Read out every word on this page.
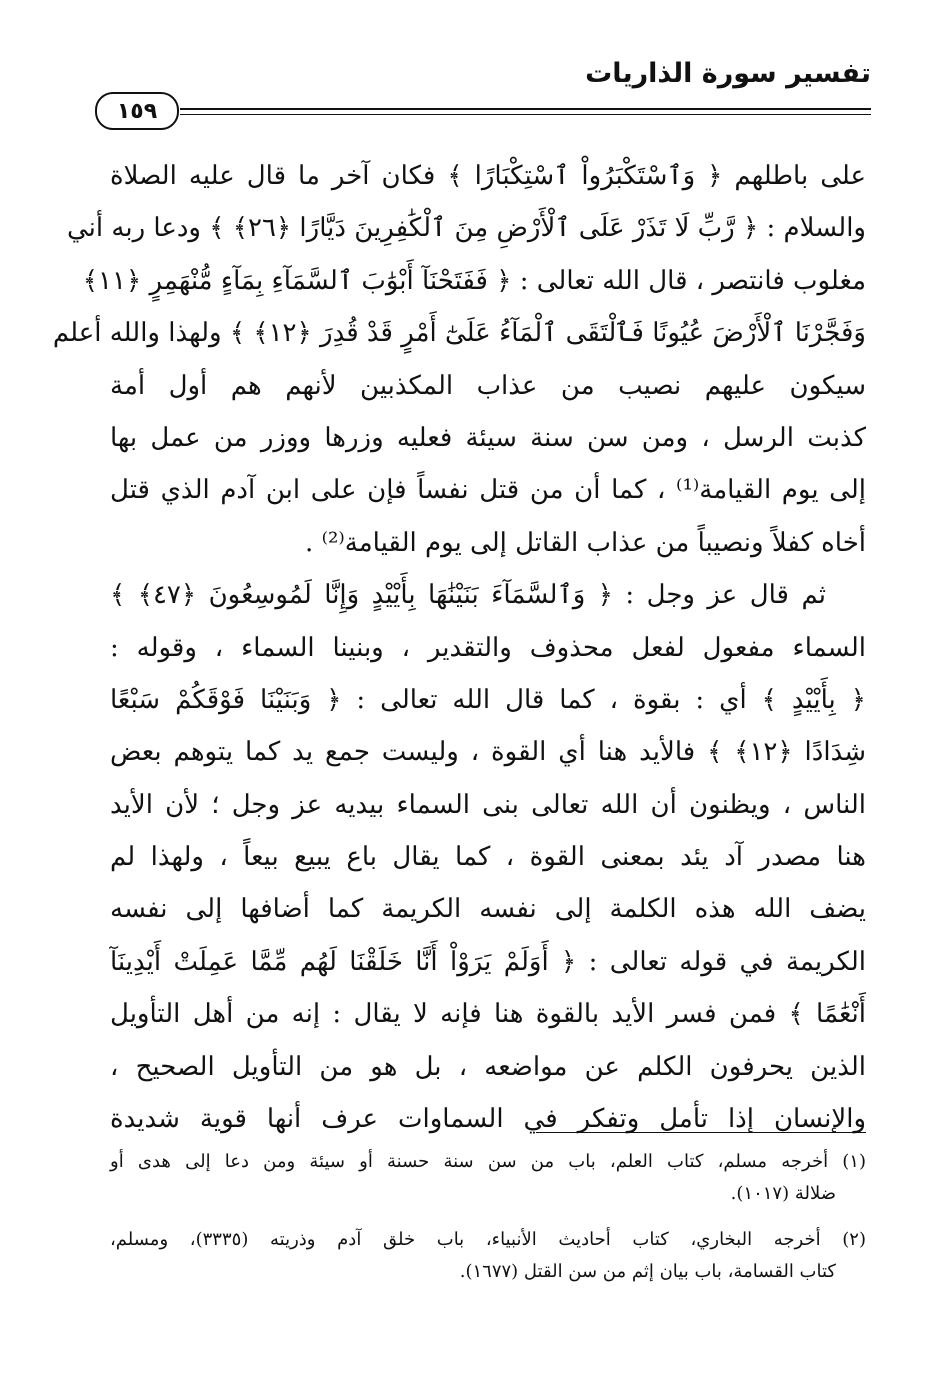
تفسير سورة الذاريات
١٥٩
على باطلهم ﴿ وَٱسْتَكْبَرُواْ ٱسْتِكْبَارًا ﴾ فكان آخر ما قال عليه الصلاة
والسلام : ﴿ رَّبِّ لَا تَذَرْ عَلَى ٱلْأَرْضِ مِنَ ٱلْكَٰفِرِينَ دَيَّارًا ﴿٢٦﴾ ﴾ ودعا ربه أني
مغلوب فانتصر ، قال الله تعالى : ﴿ فَفَتَحْنَآ أَبْوَٰبَ ٱلسَّمَآءِ بِمَآءٍ مُّنْهَمِرٍ ﴿١١﴾
وَفَجَّرْنَا ٱلْأَرْضَ عُيُونًا فَٱلْتَقَى ٱلْمَآءُ عَلَىٰٓ أَمْرٍ قَدْ قُدِرَ ﴿١٢﴾ ﴾ ولهذا والله أعلم
سيكون عليهم نصيب من عذاب المكذبين لأنهم هم أول أمة
كذبت الرسل ، ومن سن سنة سيئة فعليه وزرها ووزر من عمل بها
إلى يوم القيامة⁽¹⁾ ، كما أن من قتل نفساً فإن على ابن آدم الذي قتل
أخاه كفلاً ونصيباً من عذاب القاتل إلى يوم القيامة⁽²⁾ .
ثم قال عز وجل : ﴿ وَٱلسَّمَآءَ بَنَيْنَٰهَا بِأَيْيْدٍ وَإِنَّا لَمُوسِعُونَ ﴿٤٧﴾ ﴾
السماء مفعول لفعل محذوف والتقدير ، وبنينا السماء ، وقوله :
﴿ بِأَيْيْدٍ ﴾ أي : بقوة ، كما قال الله تعالى : ﴿ وَبَنَيْنَا فَوْقَكُمْ سَبْعًا
شِدَادًا ﴿١٢﴾ ﴾ فالأيد هنا أي القوة ، وليست جمع يد كما يتوهم بعض
الناس ، ويظنون أن الله تعالى بنى السماء بيديه عز وجل ؛ لأن الأيد
هنا مصدر آد يئد بمعنى القوة ، كما يقال باع يبيع بيعاً ، ولهذا لم
يضف الله هذه الكلمة إلى نفسه الكريمة كما أضافها إلى نفسه
الكريمة في قوله تعالى : ﴿ أَوَلَمْ يَرَوْاْ أَنَّا خَلَقْنَا لَهُم مِّمَّا عَمِلَتْ أَيْدِينَآ
أَنْعَٰمًا ﴾ فمن فسر الأيد بالقوة هنا فإنه لا يقال : إنه من أهل التأويل
الذين يحرفون الكلم عن مواضعه ، بل هو من التأويل الصحيح ،
والإنسان إذا تأمل وتفكر في السماوات عرف أنها قوية شديدة
(١) أخرجه مسلم، كتاب العلم، باب من سن سنة حسنة أو سيئة ومن دعا إلى هدى أو
ضلالة (١٠١٧).
(٢) أخرجه البخاري، كتاب أحاديث الأنبياء، باب خلق آدم وذريته (٣٣٣٥)، ومسلم،
كتاب القسامة، باب بيان إثم من سن القتل (١٦٧٧).
